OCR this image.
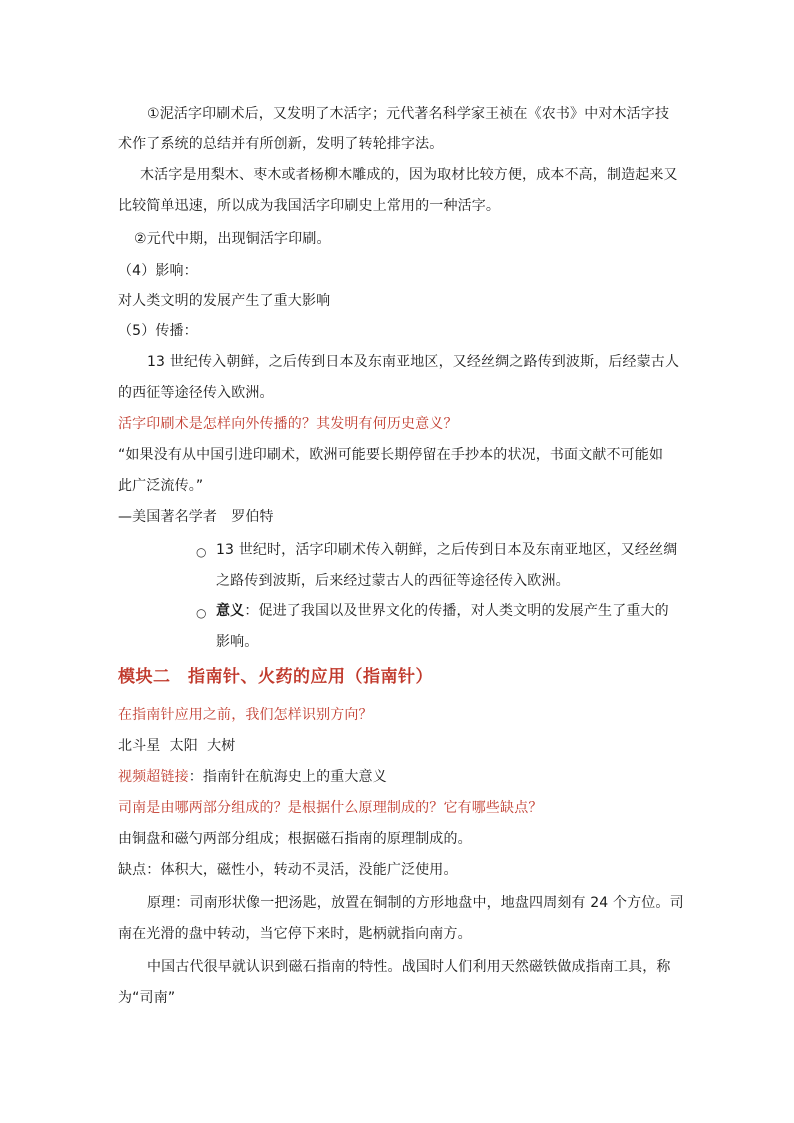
①泥活字印刷术后，又发明了木活字；元代著名科学家王祯在《农书》中对木活字技
术作了系统的总结并有所创新，发明了转轮排字法。
木活字是用梨木、枣木或者杨柳木雕成的，因为取材比较方便，成本不高，制造起来又
比较简单迅速，所以成为我国活字印刷史上常用的一种活字。
②元代中期，出现铜活字印刷。
（4）影响：
对人类文明的发展产生了重大影响
（5）传播：
13 世纪传入朝鲜，之后传到日本及东南亚地区，又经丝绸之路传到波斯，后经蒙古人
的西征等途径传入欧洲。
活字印刷术是怎样向外传播的？其发明有何历史意义？
“如果没有从中国引进印刷术，欧洲可能要长期停留在手抄本的状况，书面文献不可能如
此广泛流传。”
—美国著名学者　罗伯特
○ 13 世纪时，活字印刷术传入朝鲜，之后传到日本及东南亚地区，又经丝绸
之路传到波斯，后来经过蒙古人的西征等途径传入欧洲。
○ 意义：促进了我国以及世界文化的传播，对人类文明的发展产生了重大的
影响。
模块二　指南针、火药的应用（指南针）
在指南针应用之前，我们怎样识别方向？
北斗星  太阳  大树
视频超链接：指南针在航海史上的重大意义
司南是由哪两部分组成的？是根据什么原理制成的？它有哪些缺点？
由铜盘和磁勺两部分组成；根据磁石指南的原理制成的。
缺点：体积大，磁性小，转动不灵活，没能广泛使用。
原理：司南形状像一把汤匙，放置在铜制的方形地盘中，地盘四周刻有 24 个方位。司
南在光滑的盘中转动，当它停下来时，匙柄就指向南方。
中国古代很早就认识到磁石指南的特性。战国时人们利用天然磁铁做成指南工具，称
为“司南”
